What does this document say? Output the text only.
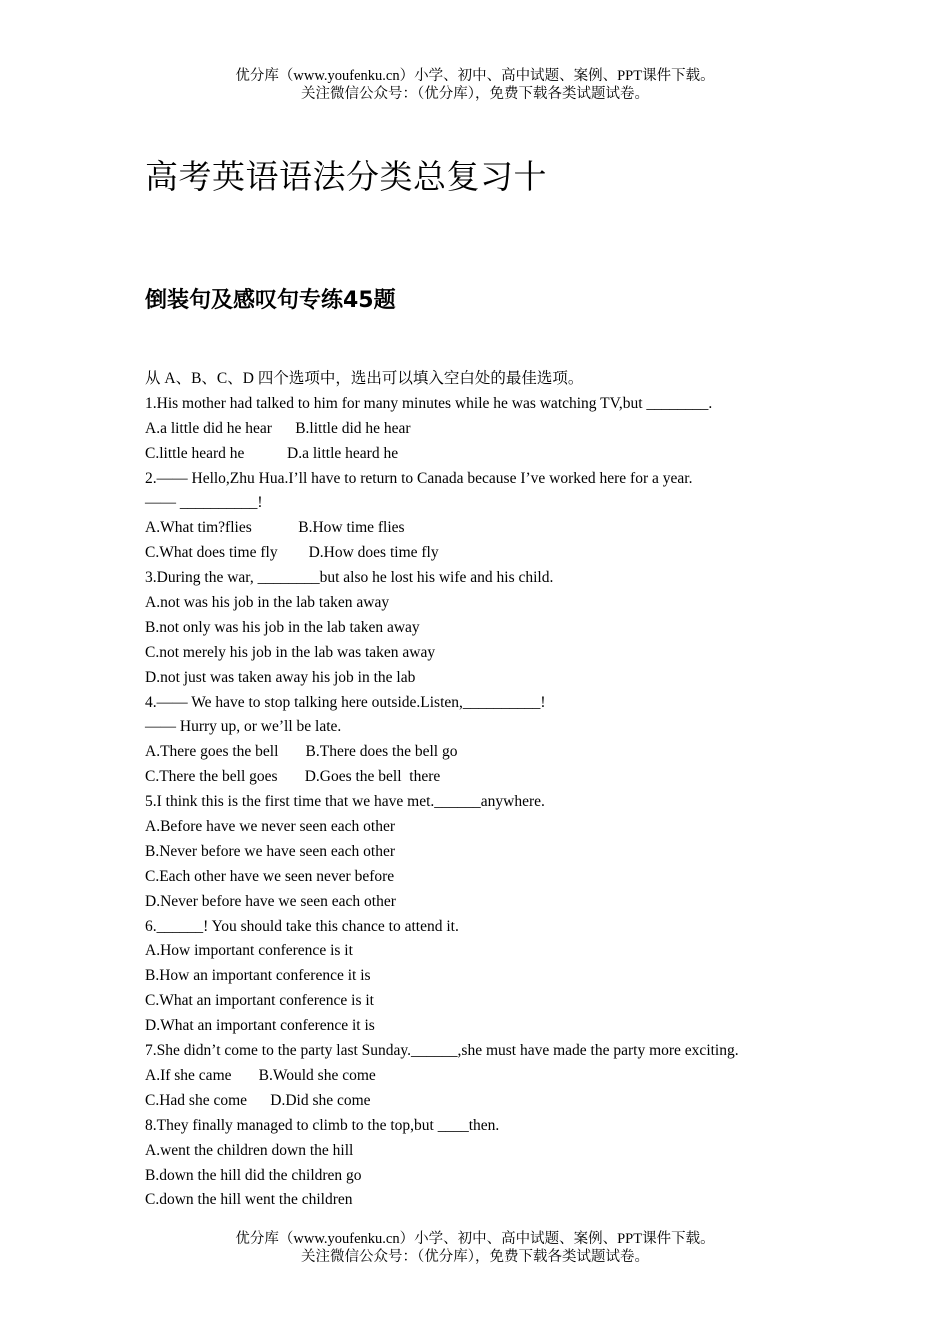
优分库（www.youfenku.cn）小学、初中、高中试题、案例、PPT课件下载。
关注微信公众号：（优分库），免费下载各类试题试卷。
高考英语语法分类总复习十
倒装句及感叹句专练45题
从 A、B、C、D 四个选项中，选出可以填入空白处的最佳选项。
1.His mother had talked to him for many minutes while he was watching TV,but ________.
A.a little did he hear      B.little did he hear
C.little heard he           D.a little heard he
2.—— Hello,Zhu Hua.I’ll have to return to Canada because I’ve worked here for a year.
—— __________!
A.What tim?flies            B.How time flies
C.What does time fly        D.How does time fly
3.During the war, ________but also he lost his wife and his child.
A.not was his job in the lab taken away
B.not only was his job in the lab taken away
C.not merely his job in the lab was taken away
D.not just was taken away his job in the lab
4.—— We have to stop talking here outside.Listen,__________!
—— Hurry up, or we’ll be late.
A.There goes the bell       B.There does the bell go
C.There the bell goes       D.Goes the bell  there
5.I think this is the first time that we have met.______anywhere.
A.Before have we never seen each other
B.Never before we have seen each other
C.Each other have we seen never before
D.Never before have we seen each other
6.______! You should take this chance to attend it.
A.How important conference is it
B.How an important conference it is
C.What an important conference is it
D.What an important conference it is
7.She didn’t come to the party last Sunday.______,she must have made the party more exciting.
A.If she came       B.Would she come
C.Had she come      D.Did she come
8.They finally managed to climb to the top,but ____then.
A.went the children down the hill
B.down the hill did the children go
C.down the hill went the children
优分库（www.youfenku.cn）小学、初中、高中试题、案例、PPT课件下载。
关注微信公众号：（优分库），免费下载各类试题试卷。
